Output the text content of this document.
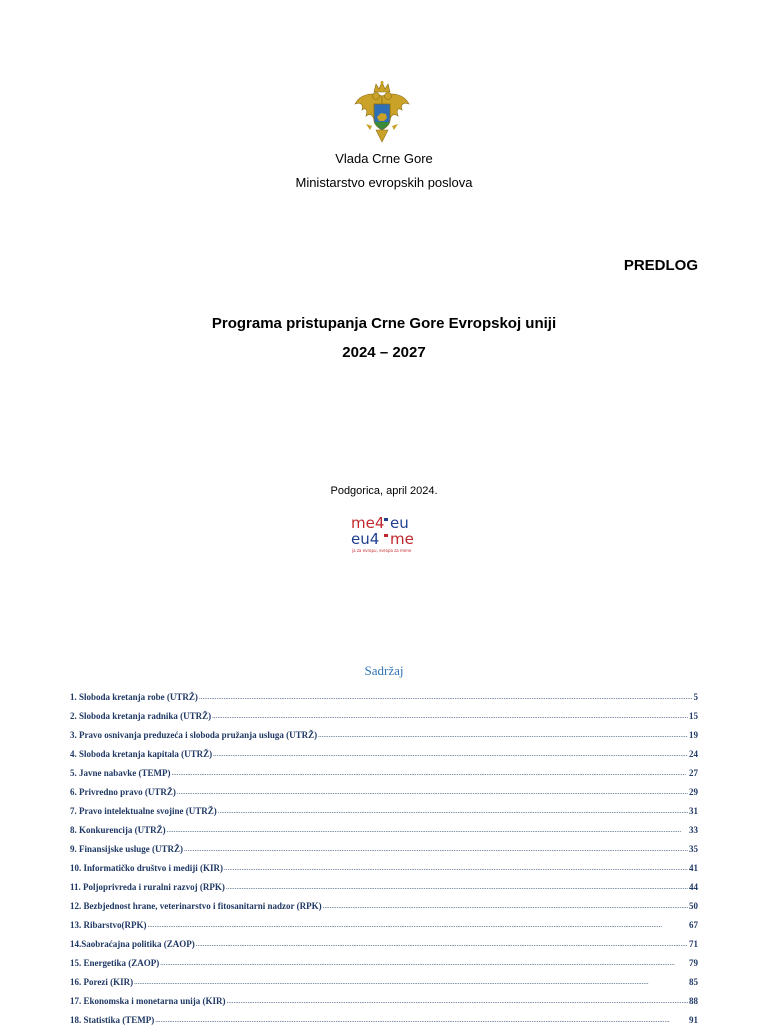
Vlada Crne Gore
Ministarstvo evropskih poslova
PREDLOG
Programa pristupanja Crne Gore Evropskoj uniji
2024 – 2027
Podgorica, april 2024.
me4 eu
eu4 me
ja za evropu, evropa za mene
Sadržaj
1. Sloboda kretanja robe (UTRŽ) .....	5
2. Sloboda kretanja radnika (UTRŽ) .....	15
3. Pravo osnivanja preduzeća i sloboda pružanja usluga (UTRŽ) .....	19
4. Sloboda kretanja kapitala (UTRŽ) .....	24
5. Javne nabavke (TEMP) .....	27
6. Privredno pravo (UTRŽ) .....	29
7. Pravo intelektualne svojine (UTRŽ) .....	31
8. Konkurencija (UTRŽ) .....	33
9. Finansijske usluge (UTRŽ) .....	35
10. Informatičko društvo i mediji (KIR) .....	41
11. Poljoprivreda i ruralni razvoj (RPK) .....	44
12. Bezbjednost hrane, veterinarstvo i fitosanitarni nadzor (RPK) .....	50
13. Ribarstvo(RPK) .....	67
14.Saobraćajna politika (ZAOP) .....	71
15. Energetika (ZAOP) .....	79
16. Porezi (KIR) .....	85
17. Ekonomska i monetarna unija (KIR) .....	88
18. Statistika (TEMP) .....	91
